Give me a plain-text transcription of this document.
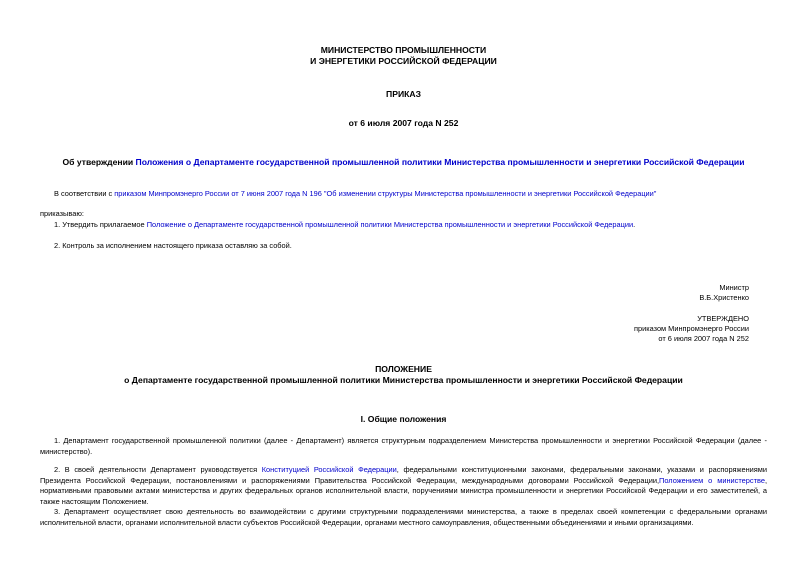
МИНИСТЕРСТВО ПРОМЫШЛЕННОСТИ
И ЭНЕРГЕТИКИ РОССИЙСКОЙ ФЕДЕРАЦИИ
ПРИКАЗ
от 6 июля 2007 года N 252
Об утверждении Положения о Департаменте государственной промышленной политики Министерства промышленности и энергетики Российской Федерации
В соответствии с приказом Минпромэнерго России от 7 июня 2007 года N 196 "Об изменении структуры Министерства промышленности и энергетики Российской Федерации"
приказываю:
1. Утвердить прилагаемое Положение о Департаменте государственной промышленной политики Министерства промышленности и энергетики Российской Федерации.
2. Контроль за исполнением настоящего приказа оставляю за собой.
Министр
В.Б.Христенко
УТВЕРЖДЕНО
приказом Минпромэнерго России
от 6 июля 2007 года N 252
ПОЛОЖЕНИЕ
о Департаменте государственной промышленной политики Министерства промышленности и энергетики Российской Федерации
I. Общие положения
1. Департамент государственной промышленной политики (далее - Департамент) является структурным подразделением Министерства промышленности и энергетики Российской Федерации (далее - министерство).
2. В своей деятельности Департамент руководствуется Конституцией Российской Федерации, федеральными конституционными законами, федеральными законами, указами и распоряжениями Президента Российской Федерации, постановлениями и распоряжениями Правительства Российской Федерации, международными договорами Российской Федерации,Положением о министерстве, нормативными правовыми актами министерства и других федеральных органов исполнительной власти, поручениями министра промышленности и энергетики Российской Федерации и его заместителей, а также настоящим Положением.
3. Департамент осуществляет свою деятельность во взаимодействии с другими структурными подразделениями министерства, а также в пределах своей компетенции с федеральными органами исполнительной власти, органами исполнительной власти субъектов Российской Федерации, органами местного самоуправления, общественными объединениями и иными организациями.
